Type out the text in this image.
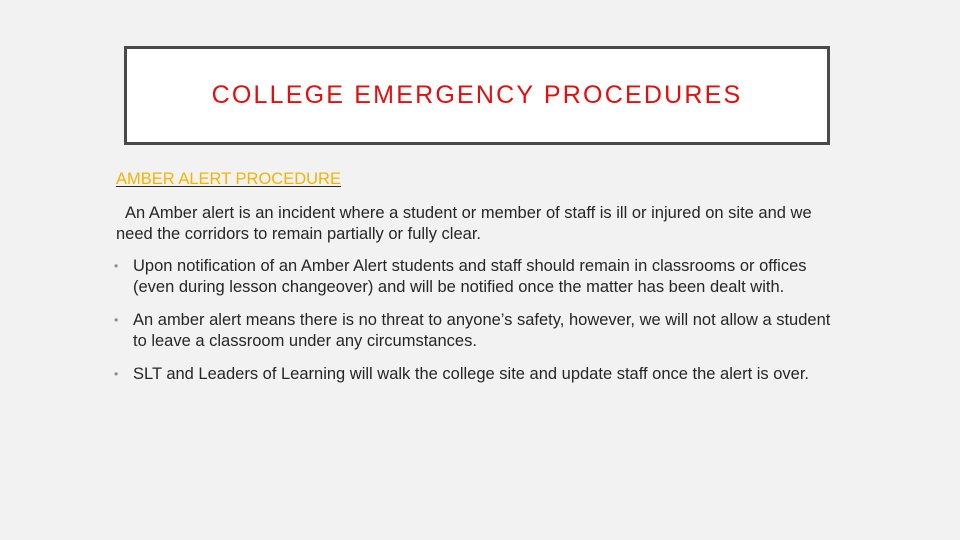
COLLEGE EMERGENCY PROCEDURES
AMBER ALERT PROCEDURE
An Amber alert is an incident where a student or member of staff is ill or injured on site and we need the corridors to remain partially or fully clear.
• Upon notification of an Amber Alert students and staff should remain in classrooms or offices (even during lesson changeover) and will be notified once the matter has been dealt with.
• An amber alert means there is no threat to anyone’s safety, however, we will not allow a student to leave a classroom under any circumstances.
• SLT and Leaders of Learning will walk the college site and update staff once the alert is over.
